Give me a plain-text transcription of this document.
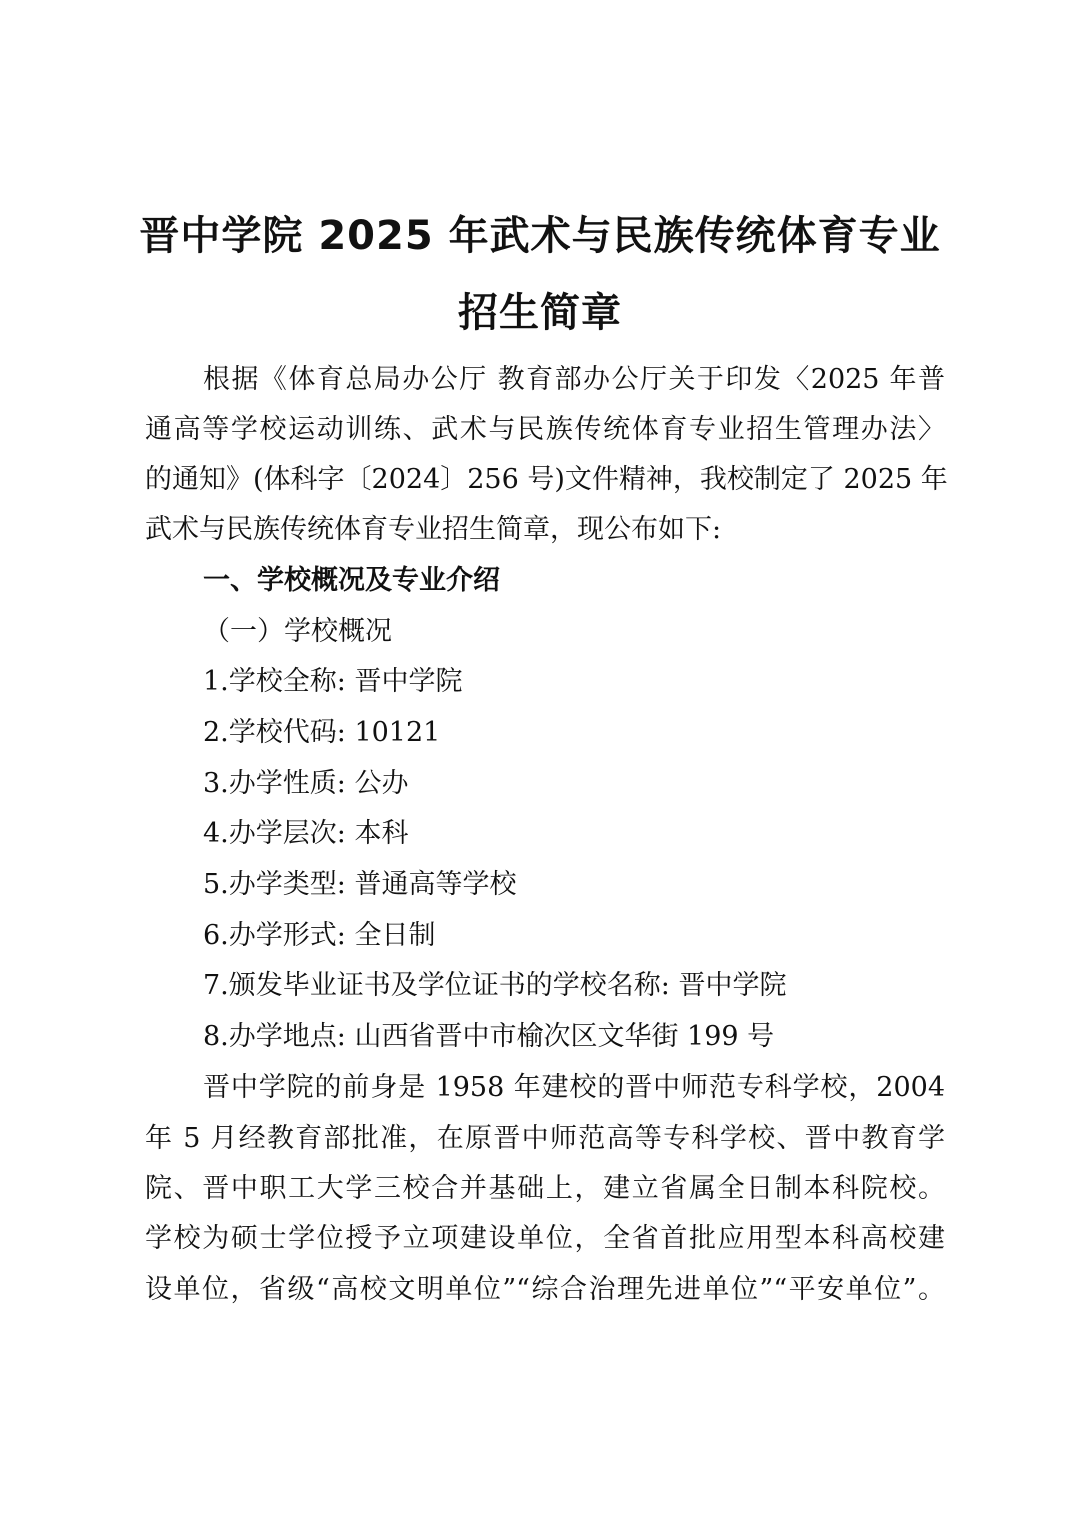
晋中学院 2025 年武术与民族传统体育专业
招生简章
根据《体育总局办公厅 教育部办公厅关于印发〈2025 年普
通高等学校运动训练、武术与民族传统体育专业招生管理办法〉
的通知》(体科字〔2024〕256 号)文件精神，我校制定了 2025 年
武术与民族传统体育专业招生简章，现公布如下:
一、学校概况及专业介绍
（一）学校概况
1.学校全称: 晋中学院
2.学校代码: 10121
3.办学性质: 公办
4.办学层次: 本科
5.办学类型: 普通高等学校
6.办学形式: 全日制
7.颁发毕业证书及学位证书的学校名称: 晋中学院
8.办学地点: 山西省晋中市榆次区文华街 199 号
晋中学院的前身是 1958 年建校的晋中师范专科学校，2004
年 5 月经教育部批准，在原晋中师范高等专科学校、晋中教育学
院、晋中职工大学三校合并基础上，建立省属全日制本科院校。
学校为硕士学位授予立项建设单位，全省首批应用型本科高校建
设单位，省级“高校文明单位”“综合治理先进单位”“平安单位”。
